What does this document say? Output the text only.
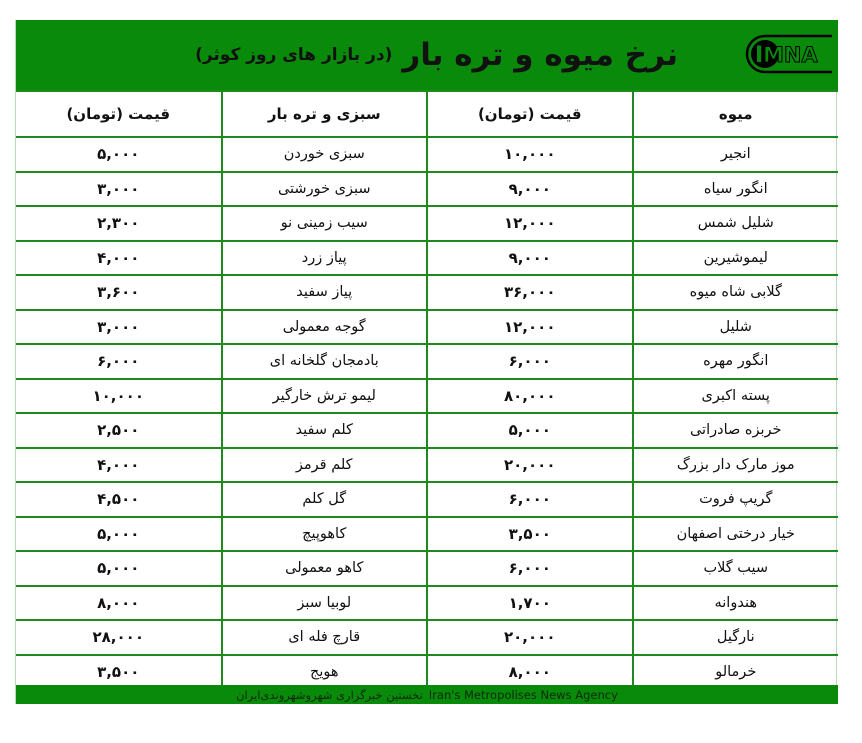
نرخ میوه و تره بار
(در بازار های روز کوثر)	I MNA
میوه	قیمت (تومان)	سبزی و تره بار	قیمت (تومان)
انجیر	۱۰,۰۰۰	سبزی خوردن	۵,۰۰۰
انگور سیاه	۹,۰۰۰	سبزی خورشتی	۳,۰۰۰
شلیل شمس	۱۲,۰۰۰	سیب زمینی نو	۲,۳۰۰
لیموشیرین	۹,۰۰۰	پیاز زرد	۴,۰۰۰
گلابی شاه میوه	۳۶,۰۰۰	پیاز سفید	۳,۶۰۰
شلیل	۱۲,۰۰۰	گوجه معمولی	۳,۰۰۰
انگور مهره	۶,۰۰۰	بادمجان گلخانه ای	۶,۰۰۰
پسته اکبری	۸۰,۰۰۰	لیمو ترش خارگیر	۱۰,۰۰۰
خربزه صادراتی	۵,۰۰۰	کلم سفید	۲,۵۰۰
موز مارک دار بزرگ	۲۰,۰۰۰	کلم قرمز	۴,۰۰۰
گریپ فروت	۶,۰۰۰	گل کلم	۴,۵۰۰
خیار درختی اصفهان	۳,۵۰۰	کاهوپیچ	۵,۰۰۰
سیب گلاب	۶,۰۰۰	کاهو معمولی	۵,۰۰۰
هندوانه	۱,۷۰۰	لوبیا سبز	۸,۰۰۰
نارگیل	۲۰,۰۰۰	قارچ فله ای	۲۸,۰۰۰
خرمالو	۸,۰۰۰	هویج	۳,۵۰۰
نخستین خبرگزاری شهروشهروندی‌ایران Iran's Metropolises News Agency
